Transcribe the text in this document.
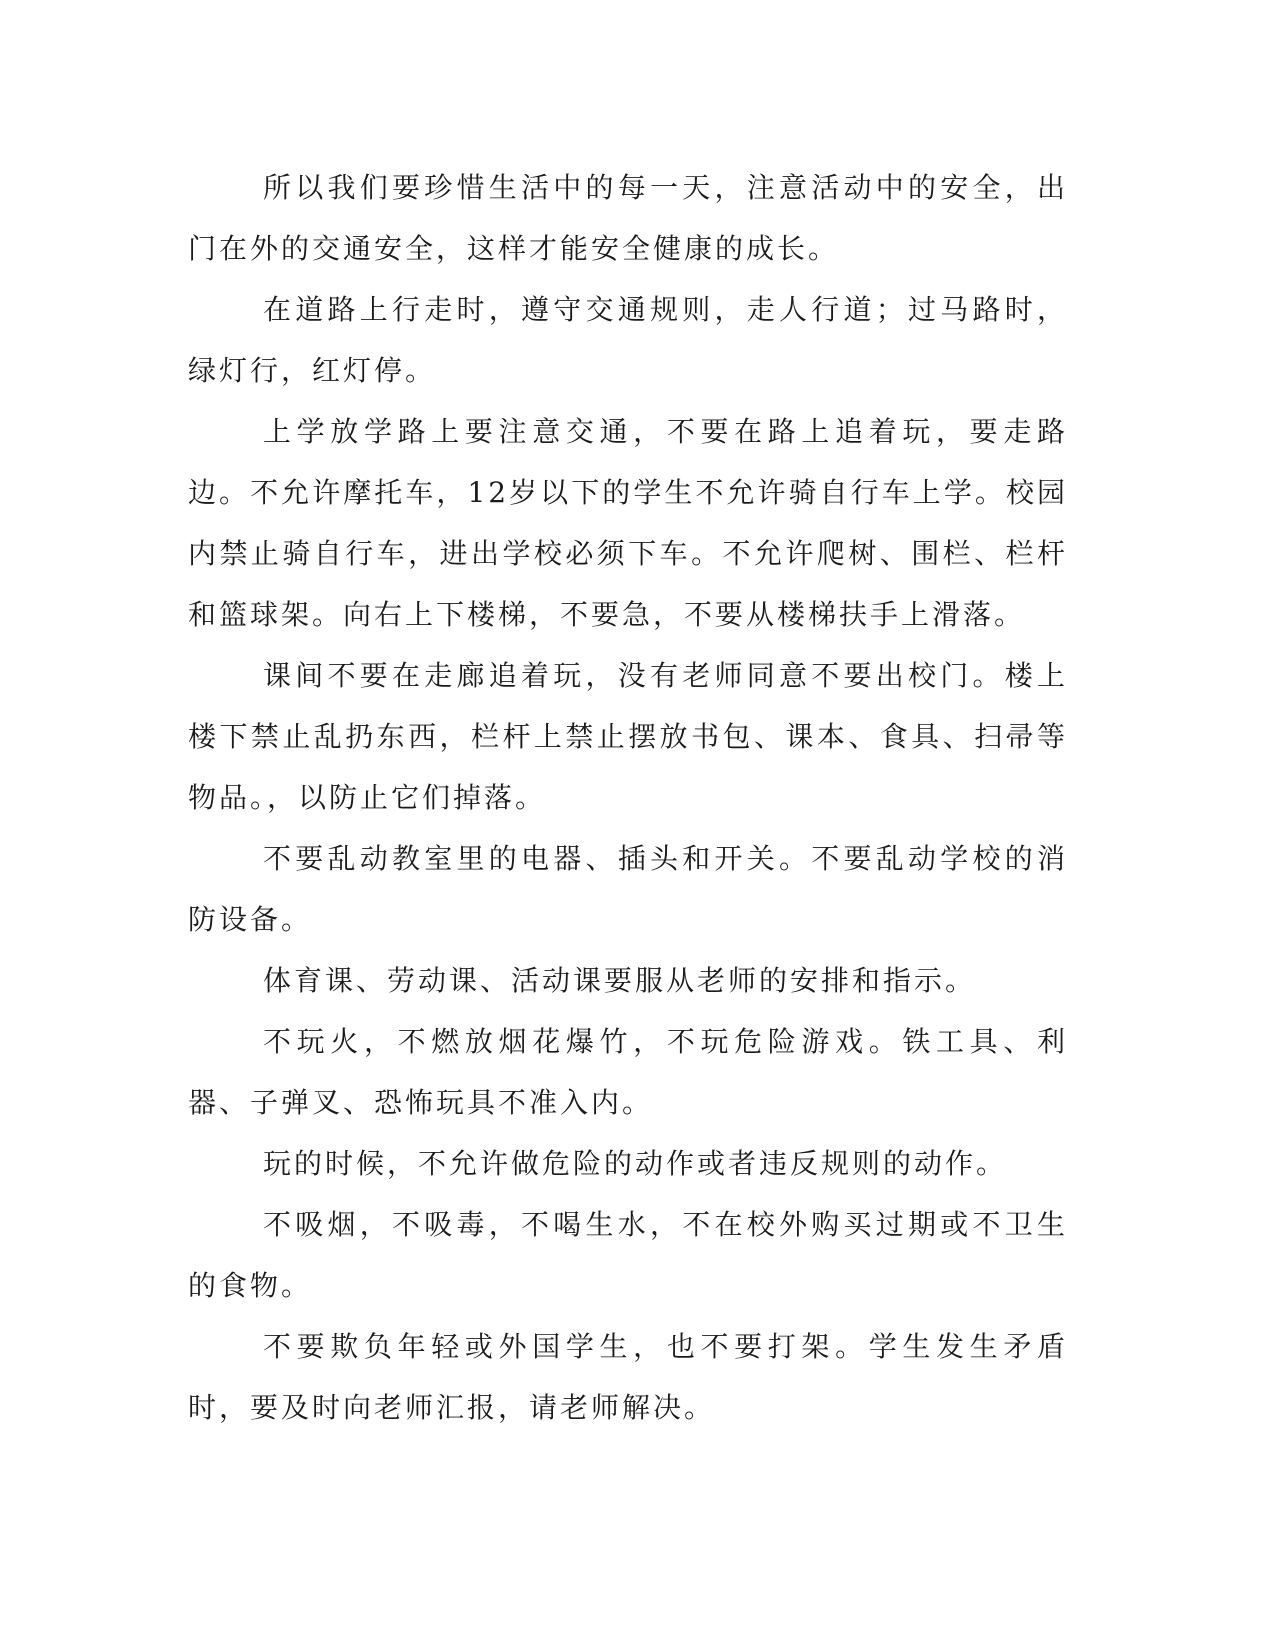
所以我们要珍惜生活中的每一天，注意活动中的安全，出门在外的交通安全，这样才能安全健康的成长。

在道路上行走时，遵守交通规则，走人行道；过马路时，绿灯行，红灯停。

上学放学路上要注意交通，不要在路上追着玩，要走路边。不允许摩托车，12岁以下的学生不允许骑自行车上学。校园内禁止骑自行车，进出学校必须下车。不允许爬树、围栏、栏杆和篮球架。向右上下楼梯，不要急，不要从楼梯扶手上滑落。

课间不要在走廊追着玩，没有老师同意不要出校门。楼上楼下禁止乱扔东西，栏杆上禁止摆放书包、课本、食具、扫帚等物品。，以防止它们掉落。

不要乱动教室里的电器、插头和开关。不要乱动学校的消防设备。

体育课、劳动课、活动课要服从老师的安排和指示。

不玩火，不燃放烟花爆竹，不玩危险游戏。铁工具、利器、子弹叉、恐怖玩具不准入内。

玩的时候，不允许做危险的动作或者违反规则的动作。

不吸烟，不吸毒，不喝生水，不在校外购买过期或不卫生的食物。

不要欺负年轻或外国学生，也不要打架。学生发生矛盾时，要及时向老师汇报，请老师解决。
